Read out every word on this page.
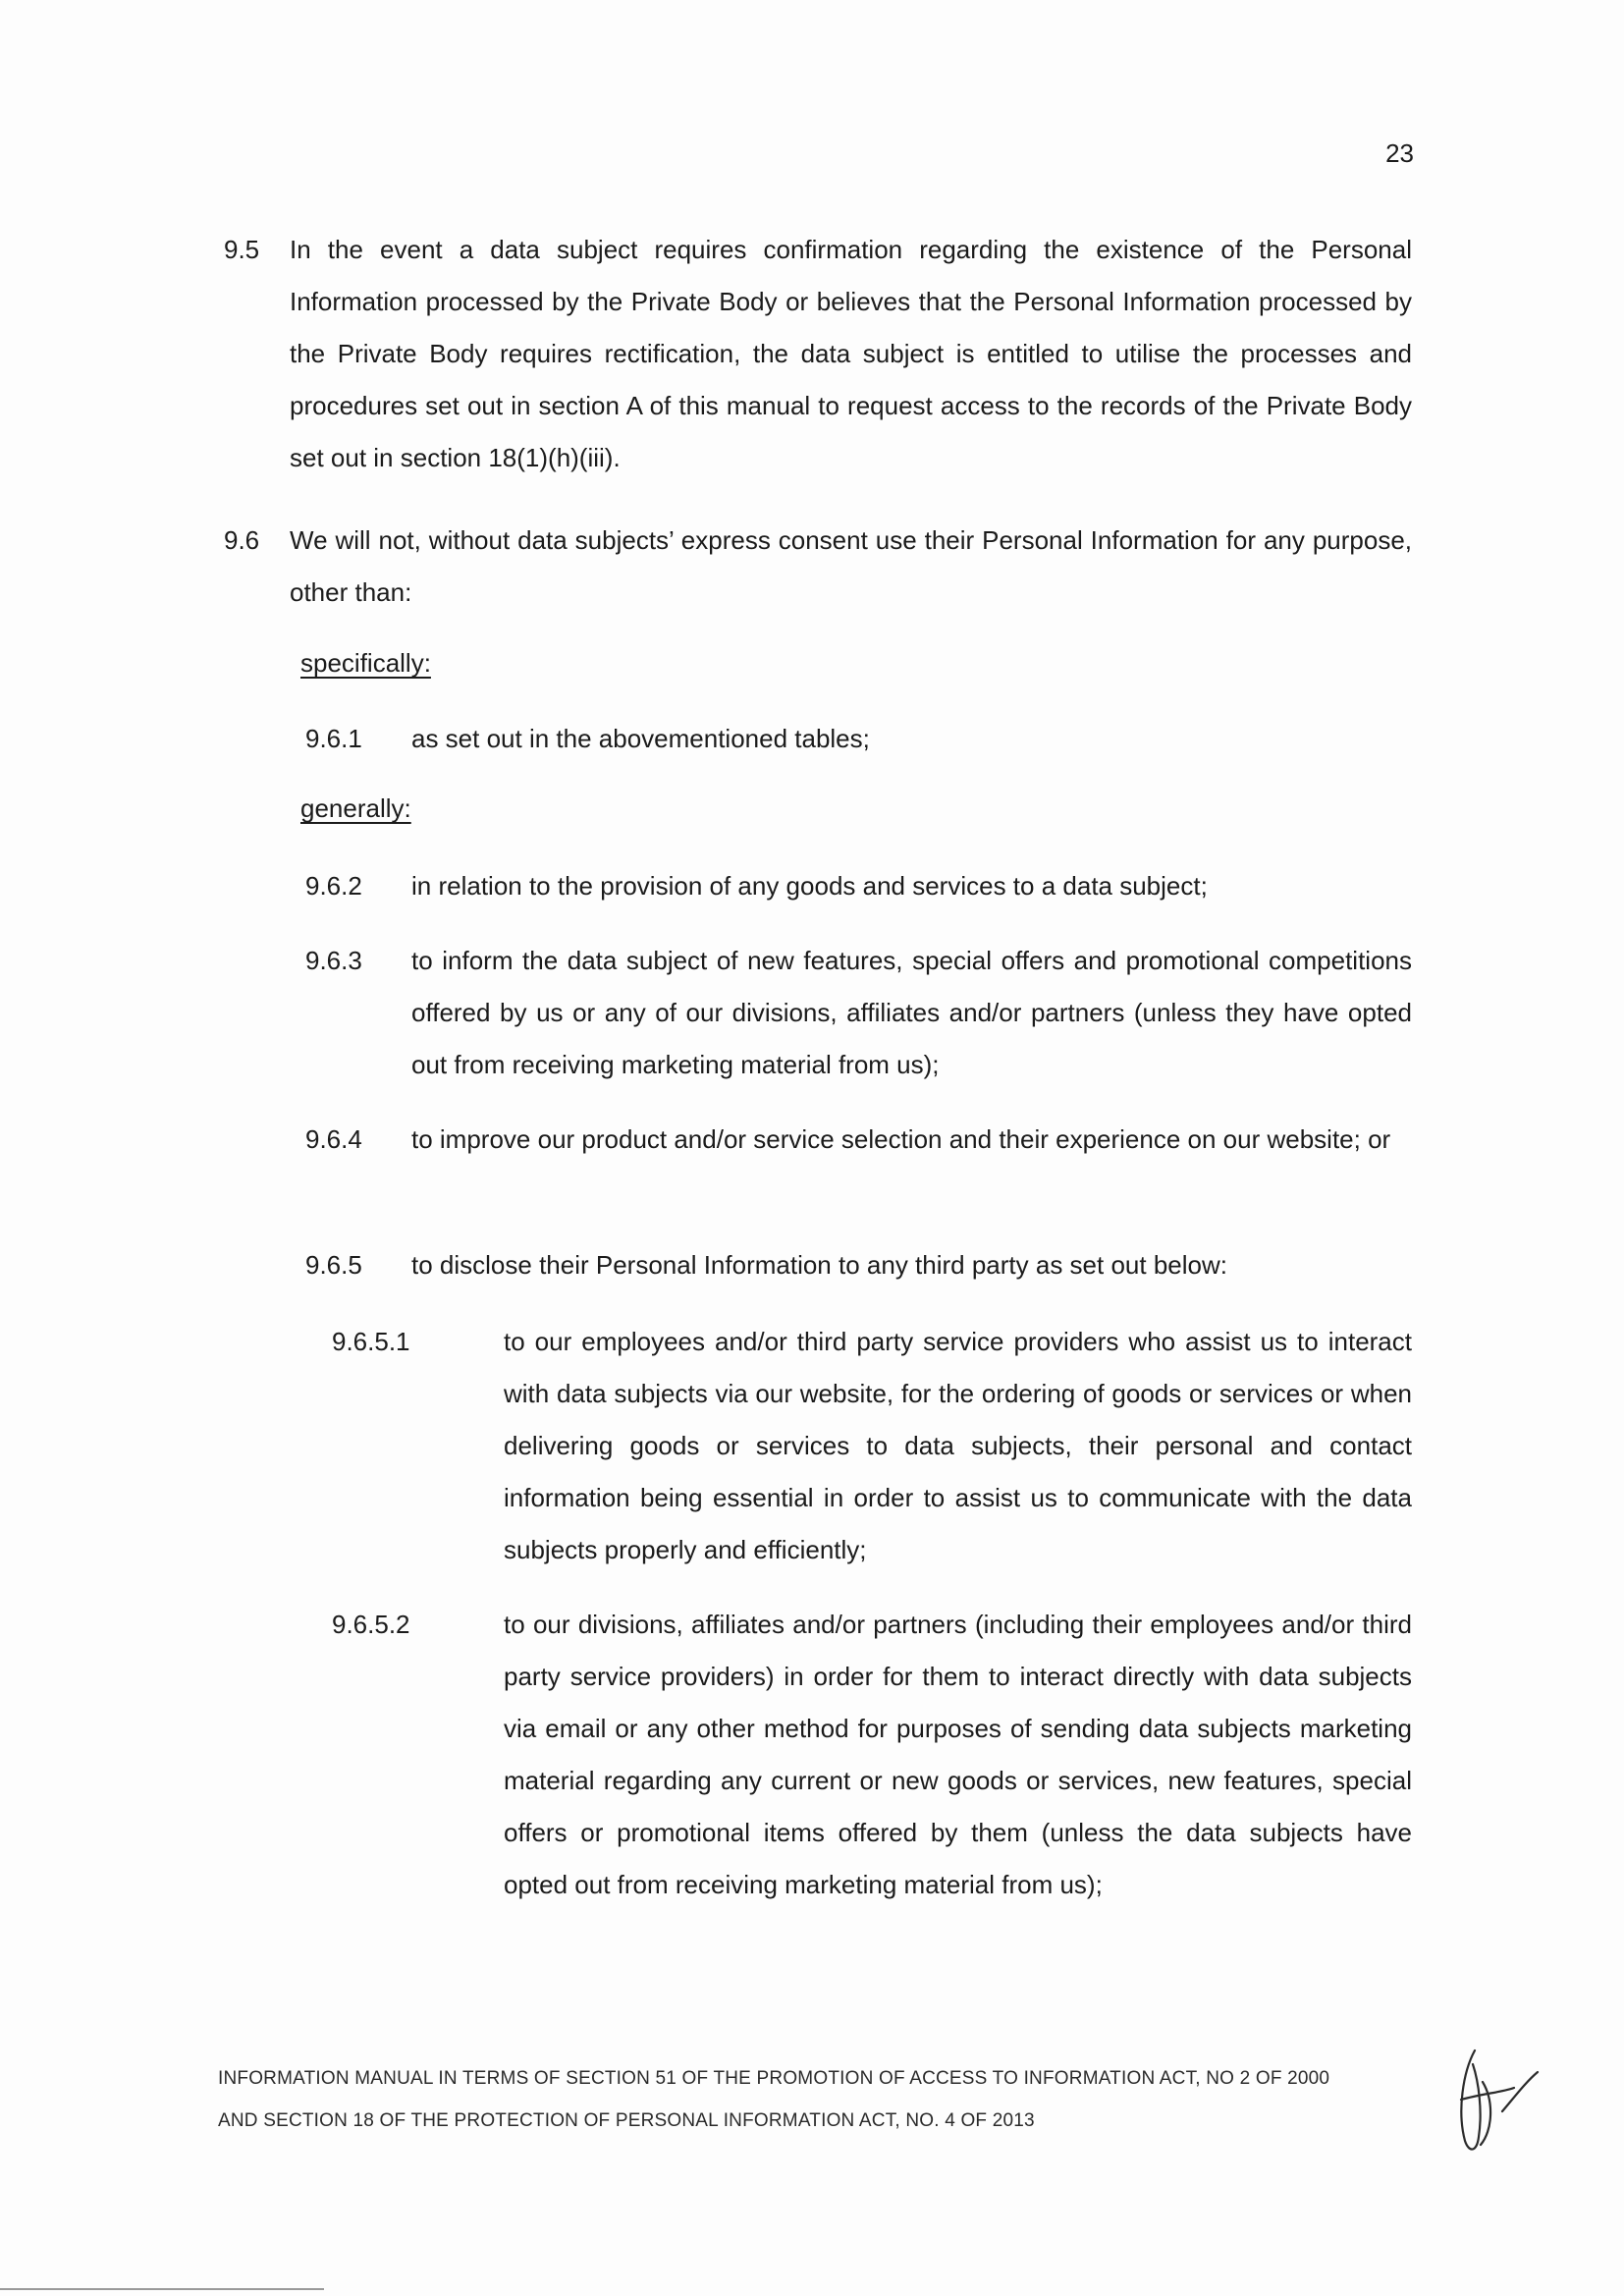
23
9.5 In the event a data subject requires confirmation regarding the existence of the Personal Information processed by the Private Body or believes that the Personal Information processed by the Private Body requires rectification, the data subject is entitled to utilise the processes and procedures set out in section A of this manual to request access to the records of the Private Body set out in section 18(1)(h)(iii).
9.6 We will not, without data subjects’ express consent use their Personal Information for any purpose, other than:
specifically:
9.6.1 as set out in the abovementioned tables;
generally:
9.6.2 in relation to the provision of any goods and services to a data subject;
9.6.3 to inform the data subject of new features, special offers and promotional competitions offered by us or any of our divisions, affiliates and/or partners (unless they have opted out from receiving marketing material from us);
9.6.4 to improve our product and/or service selection and their experience on our website; or
9.6.5 to disclose their Personal Information to any third party as set out below:
9.6.5.1	to our employees and/or third party service providers who assist us to interact with data subjects via our website, for the ordering of goods or services or when delivering goods or services to data subjects, their personal and contact information being essential in order to assist us to communicate with the data subjects properly and efficiently;
9.6.5.2	to our divisions, affiliates and/or partners (including their employees and/or third party service providers) in order for them to interact directly with data subjects via email or any other method for purposes of sending data subjects marketing material regarding any current or new goods or services, new features, special offers or promotional items offered by them (unless the data subjects have opted out from receiving marketing material from us);
INFORMATION MANUAL IN TERMS OF SECTION 51 OF THE PROMOTION OF ACCESS TO INFORMATION ACT, NO 2 OF 2000
AND SECTION 18 OF THE PROTECTION OF PERSONAL INFORMATION ACT, NO. 4 OF 2013
